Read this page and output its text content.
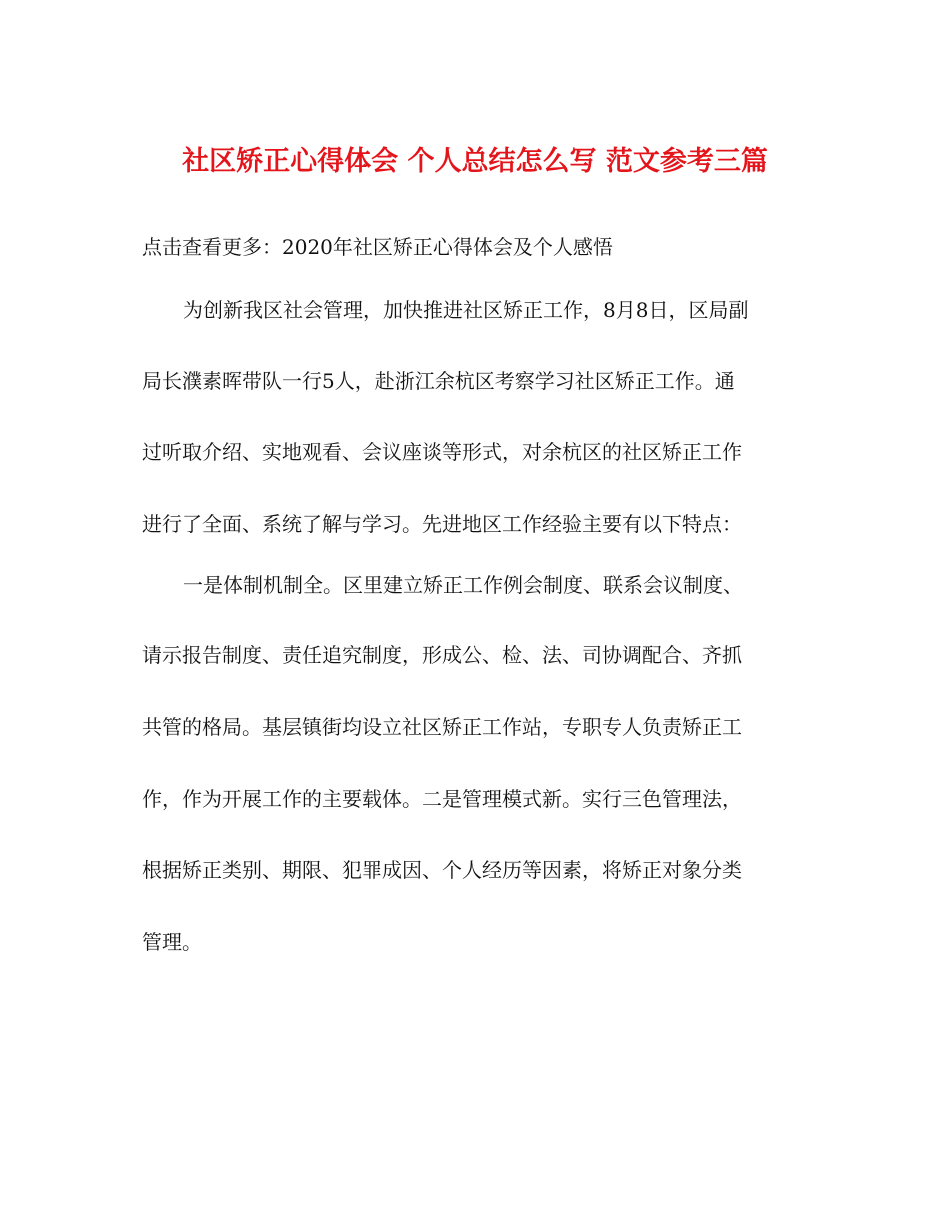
社区矫正心得体会 个人总结怎么写 范文参考三篇
点击查看更多：2020年社区矫正心得体会及个人感悟
为创新我区社会管理，加快推进社区矫正工作，8月8日，区局副
局长濮素晖带队一行5人，赴浙江余杭区考察学习社区矫正工作。通
过听取介绍、实地观看、会议座谈等形式，对余杭区的社区矫正工作
进行了全面、系统了解与学习。先进地区工作经验主要有以下特点：
一是体制机制全。区里建立矫正工作例会制度、联系会议制度、
请示报告制度、责任追究制度，形成公、检、法、司协调配合、齐抓
共管的格局。基层镇街均设立社区矫正工作站，专职专人负责矫正工
作，作为开展工作的主要载体。二是管理模式新。实行三色管理法，
根据矫正类别、期限、犯罪成因、个人经历等因素，将矫正对象分类
管理。
